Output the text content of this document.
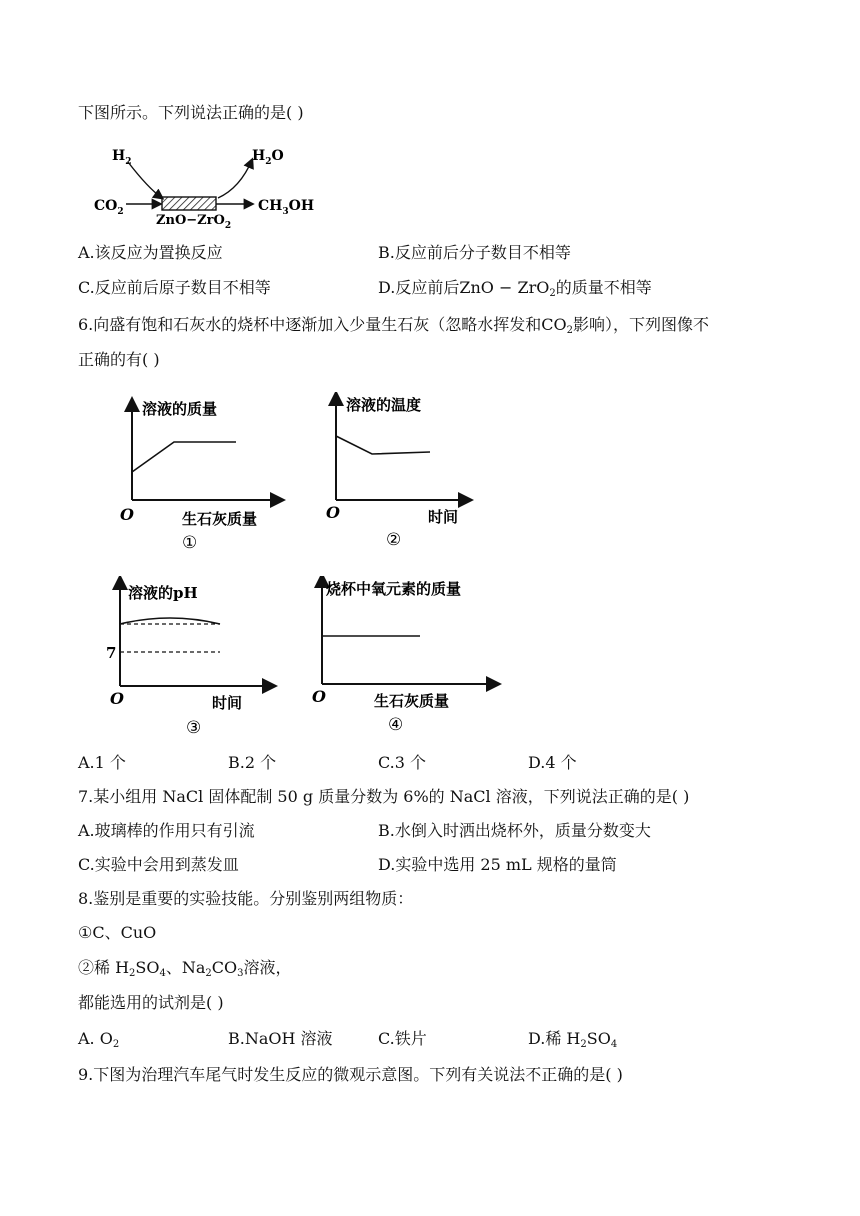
下图所示。下列说法正确的是( )
$H_2$	$H_2O$
$CO_2$	$CH_3OH$
ZnO−ZrO$_2$
A.该反应为置换反应	B.反应前后分子数目不相等
C.反应前后原子数目不相等	D.反应前后ZnO − ZrO$_2$的质量不相等
6.向盛有饱和石灰水的烧杯中逐渐加入少量生石灰（忽略水挥发和$CO_2$影响），下列图像不
正确的有( )
溶液的质量
O	生石灰质量
①
溶液的温度
O	时间
②
溶液的pH
7
O	时间
③
烧杯中氧元素的质量
O	生石灰质量
④
A.1 个	B.2 个	C.3 个	D.4 个
7.某小组用 NaCl 固体配制 50 g 质量分数为 6%的 NaCl 溶液，下列说法正确的是( )
A.玻璃棒的作用只有引流	B.水倒入时洒出烧杯外，质量分数变大
C.实验中会用到蒸发皿	D.实验中选用 25 mL 规格的量筒
8.鉴别是重要的实验技能。分别鉴别两组物质：
①C、CuO
②稀 $H_2SO_4$、$Na_2CO_3$溶液，
都能选用的试剂是( )
A. $O_2$	B.NaOH 溶液	C.铁片	D.稀 $H_2SO_4$
9.下图为治理汽车尾气时发生反应的微观示意图。下列有关说法不正确的是( )
